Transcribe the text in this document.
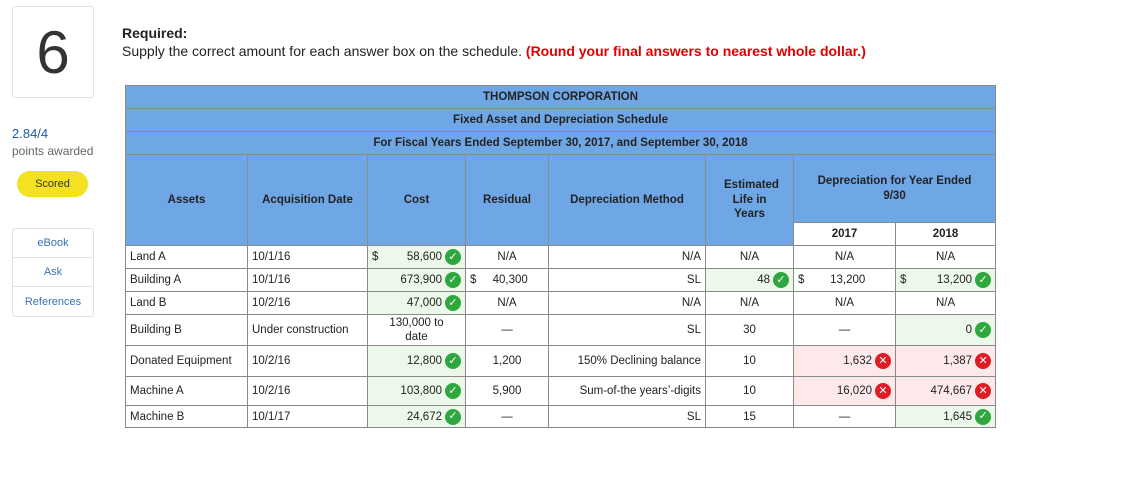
6
2.84/4
points awarded
Scored
eBook
Ask
References
Required:
Supply the correct amount for each answer box on the schedule. (Round your final answers to nearest whole dollar.)
THOMPSON CORPORATION							
Fixed Asset and Depreciation Schedule							
For Fiscal Years Ended September 30, 2017, and September 30, 2018							
Assets	Acquisition Date	Cost	Residual	Depreciation Method	Estimated Life in Years	Depreciation for Year Ended 9/30	
						2017	2018
Land A	10/1/16	$ 58,600 ✓	N/A	N/A	N/A	N/A	N/A
Building A	10/1/16	673,900 ✓	$ 40,300	SL	48 ✓	$ 13,200	$ 13,200 ✓

Land B	10/2/16	47,000 ✓	N/A	N/A	N/A	N/A	N/A
Building B	Under construction	130,000 to date	—	SL	30	—	0 ✓

Donated Equipment	10/2/16	12,800 ✓	1,200	150% Declining balance	10	1,632 ✕	1,387 ✕

Machine A	10/2/16	103,800 ✓	5,900	Sum-of-the years’-digits	10	16,020 ✕	474,667 ✕

Machine B	10/1/17	24,672 ✓	—	SL	15	—	1,645 ✓
